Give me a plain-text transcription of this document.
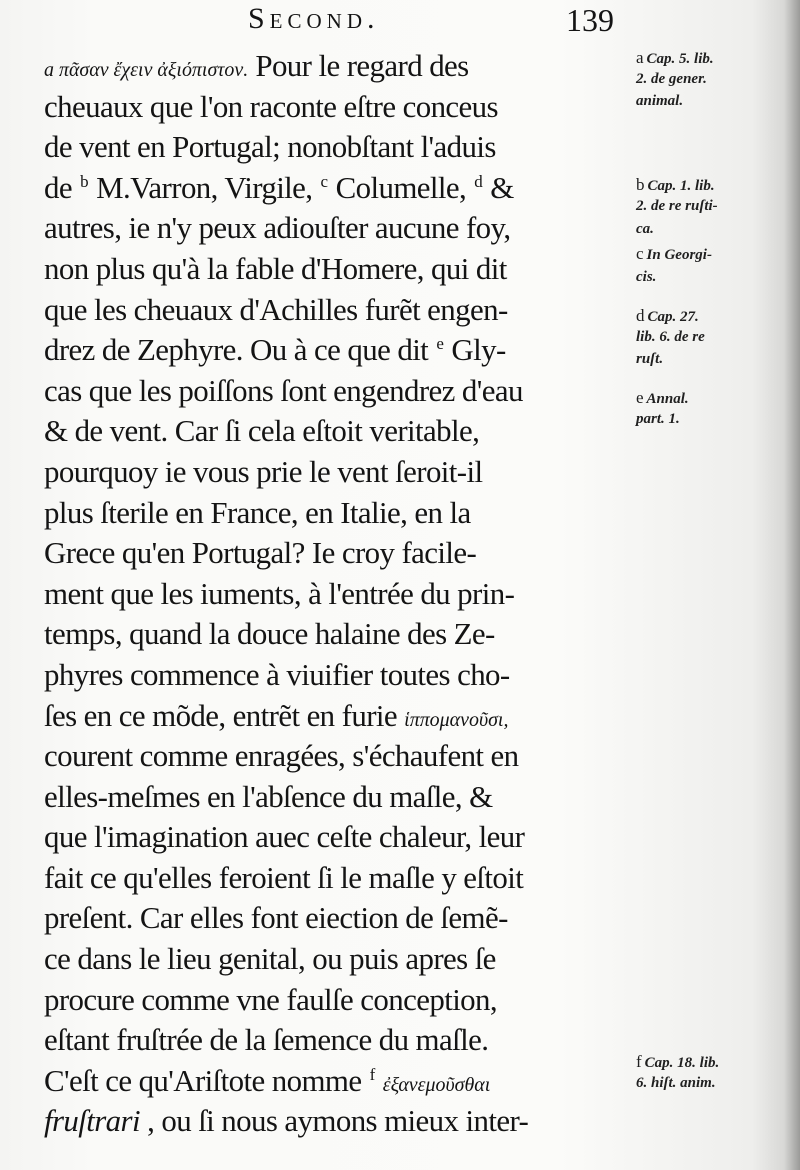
Second.	139
a πᾶσαν ἔχειν ἀξιόπιστον. Pour le regard des
cheuaux que l'on raconte eſtre conceus
de vent en Portugal; nonobſtant l'aduis
de $^b$ M.Varron, Virgile, $^c$ Columelle, $^d$ &
autres, ie n'y peux adiouſter aucune foy,
non plus qu'à la fable d'Homere, qui dit
que les cheuaux d'Achilles furẽt engen-
drez de Zephyre. Ou à ce que dit $^e$ Gly-
cas que les poiſſons ſont engendrez d'eau
& de vent. Car ſi cela eſtoit veritable,
pourquoy ie vous prie le vent ſeroit-il
plus ſterile en France, en Italie, en la
Grece qu'en Portugal? Ie croy facile-
ment que les iuments, à l'entrée du prin-
temps, quand la douce halaine des Ze-
phyres commence à viuifier toutes cho-
ſes en ce mõde, entrẽt en furie ἱππομανοῦσι,
courent comme enragées, s'échaufent en
elles-meſmes en l'abſence du maſle, &
que l'imagination auec ceſte chaleur, leur
fait ce qu'elles feroient ſi le maſle y eſtoit
preſent. Car elles font eiection de ſemẽ-
ce dans le lieu genital, ou puis apres ſe
procure comme vne faulſe conception,
eſtant fruſtrée de la ſemence du maſle.
C'eſt ce qu'Ariſtote nomme $^f$ ἐξανεμοῦσθαι
fruſtrari , ou ſi nous aymons mieux inter-
a Cap. 5. lib.
2. de gener.
animal.
b Cap. 1. lib.
2. de re ruſti-
ca.
c In Georgi-
cis.
d Cap. 27.
lib. 6. de re
ruſt.
e Annal.
part. 1.
f Cap. 18. lib.
6. hiſt. anim.
